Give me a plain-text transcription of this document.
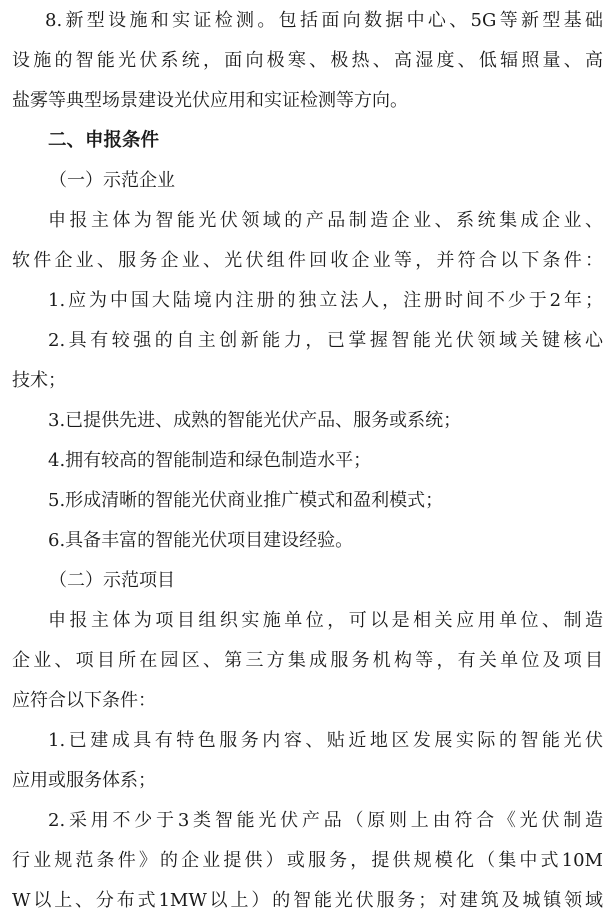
8.新型设施和实证检测。包括面向数据中心、5G等新型基础
设施的智能光伏系统，面向极寒、极热、高湿度、低辐照量、高
盐雾等典型场景建设光伏应用和实证检测等方向。
二、申报条件
（一）示范企业
申报主体为智能光伏领域的产品制造企业、系统集成企业、
软件企业、服务企业、光伏组件回收企业等，并符合以下条件：
1.应为中国大陆境内注册的独立法人，注册时间不少于2年；
2.具有较强的自主创新能力，已掌握智能光伏领域关键核心
技术；
3.已提供先进、成熟的智能光伏产品、服务或系统；
4.拥有较高的智能制造和绿色制造水平；
5.形成清晰的智能光伏商业推广模式和盈利模式；
6.具备丰富的智能光伏项目建设经验。
（二）示范项目
申报主体为项目组织实施单位，可以是相关应用单位、制造
企业、项目所在园区、第三方集成服务机构等，有关单位及项目
应符合以下条件：
1.已建成具有特色服务内容、贴近地区发展实际的智能光伏
应用或服务体系；
2.采用不少于3类智能光伏产品（原则上由符合《光伏制造
行业规范条件》的企业提供）或服务，提供规模化（集中式10M
W以上、分布式1MW以上）的智能光伏服务；对建筑及城镇领域
